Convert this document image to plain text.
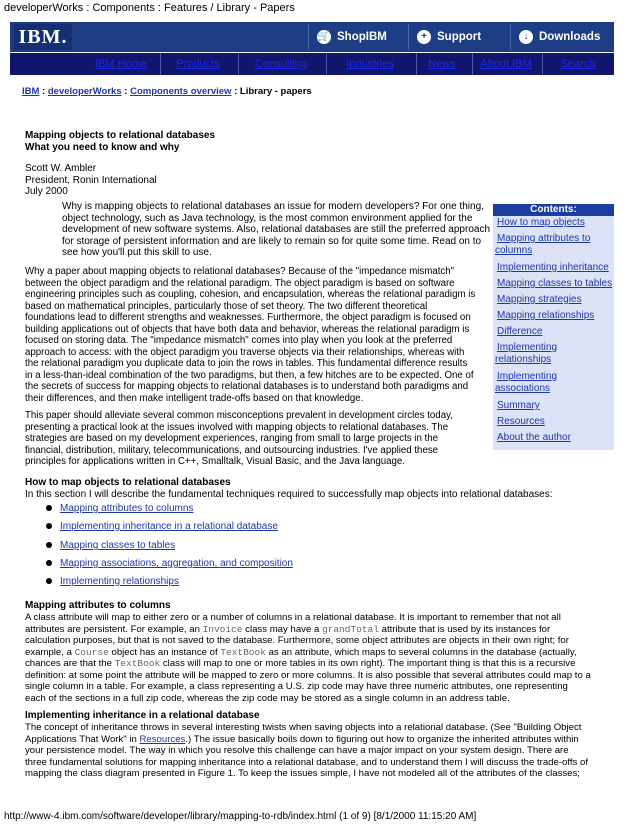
developerWorks : Components : Features / Library - Papers
IBM.	🛒 ShopIBM	+ Support	↓ Downloads
IBM Home	Products	Consulting	Industries	News	About IBM	Search
IBM : developerWorks : Components overview : Library - papers
Mapping objects to relational databases
What you need to know and why
Scott W. Ambler
President, Ronin International
July 2000
Why is mapping objects to relational databases an issue for modern developers? For one thing,
object technology, such as Java technology, is the most common environment applied for the
development of new software systems. Also, relational databases are still the preferred approach
for storage of persistent information and are likely to remain so for quite some time. Read on to
see how you'll put this skill to use.
Why a paper about mapping objects to relational databases? Because of the "impedance mismatch"
between the object paradigm and the relational paradigm. The object paradigm is based on software
engineering principles such as coupling, cohesion, and encapsulation, whereas the relational paradigm is
based on mathematical principles, particularly those of set theory. The two different theoretical
foundations lead to different strengths and weaknesses. Furthermore, the object paradigm is focused on
building applications out of objects that have both data and behavior, whereas the relational paradigm is
focused on storing data. The "impedance mismatch" comes into play when you look at the preferred
approach to access: with the object paradigm you traverse objects via their relationships, whereas with
the relational paradigm you duplicate data to join the rows in tables. This fundamental difference results
in a less-than-ideal combination of the two paradigms, but then, a few hitches are to be expected. One of
the secrets of success for mapping objects to relational databases is to understand both paradigms and
their differences, and then make intelligent trade-offs based on that knowledge.
This paper should alleviate several common misconceptions prevalent in development circles today,
presenting a practical look at the issues involved with mapping objects to relational databases. The
strategies are based on my development experiences, ranging from small to large projects in the
financial, distribution, military, telecommunications, and outsourcing industries. I've applied these
principles for applications written in C++, Smalltalk, Visual Basic, and the Java language.
Contents:
How to map objects
Mapping attributes to
columns
Implementing inheritance
Mapping classes to tables
Mapping strategies
Mapping relationships
Difference
Implementing
relationships
Implementing
associations
Summary
Resources
About the author
How to map objects to relational databases
In this section I will describe the fundamental techniques required to successfully map objects into relational databases:
Mapping attributes to columns
Implementing inheritance in a relational database
Mapping classes to tables
Mapping associations, aggregation, and composition
Implementing relationships
Mapping attributes to columns
A class attribute will map to either zero or a number of columns in a relational database. It is important to remember that not all
attributes are persistent. For example, an Invoice class may have a grandTotal attribute that is used by its instances for
calculation purposes, but that is not saved to the database. Furthermore, some object attributes are objects in their own right; for
example, a Course object has an instance of TextBook as an attribute, which maps to several columns in the database (actually,
chances are that the TextBook class will map to one or more tables in its own right). The important thing is that this is a recursive
definition: at some point the attribute will be mapped to zero or more columns. It is also possible that several attributes could map to a
single column in a table. For example, a class representing a U.S. zip code may have three numeric attributes, one representing
each of the sections in a full zip code, whereas the zip code may be stored as a single column in an address table.
Implementing inheritance in a relational database
The concept of inheritance throws in several interesting twists when saving objects into a relational database. (See "Building Object
Applications That Work" in Resources.) The issue basically boils down to figuring out how to organize the inherited attributes within
your persistence model. The way in which you resolve this challenge can have a major impact on your system design. There are
three fundamental solutions for mapping inheritance into a relational database, and to understand them I will discuss the trade-offs of
mapping the class diagram presented in Figure 1. To keep the issues simple, I have not modeled all of the attributes of the classes;
http://www-4.ibm.com/software/developer/library/mapping-to-rdb/index.html (1 of 9) [8/1/2000 11:15:20 AM]
